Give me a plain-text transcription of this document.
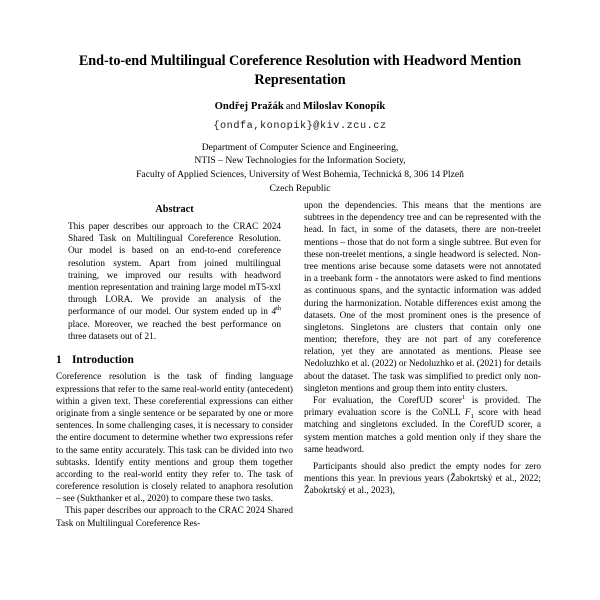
End-to-end Multilingual Coreference Resolution with Headword Mention Representation
Ondřej Pražák and Miloslav Konopík
{ondfa,konopik}@kiv.zcu.cz
Department of Computer Science and Engineering,
NTIS – New Technologies for the Information Society,
Faculty of Applied Sciences, University of West Bohemia, Technická 8, 306 14 Plzeň
Czech Republic
Abstract

This paper describes our approach to the CRAC 2024 Shared Task on Multilingual Coreference Resolution. Our model is based on an end-to-end coreference resolution system. Apart from joined multilingual training, we improved our results with headword mention representation and training large model mT5-xxl through LORA. We provide an analysis of the performance of our model. Our system ended up in 4th place. Moreover, we reached the best performance on three datasets out of 21.

1 Introduction

Coreference resolution is the task of finding language expressions that refer to the same real-world entity (antecedent) within a given text. These coreferential expressions can either originate from a single sentence or be separated by one or more sentences. In some challenging cases, it is necessary to consider the entire document to determine whether two expressions refer to the same entity accurately. This task can be divided into two subtasks. Identify entity mentions and group them together according to the real-world entity they refer to. The task of coreference resolution is closely related to anaphora resolution – see (Sukthanker et al., 2020) to compare these two tasks.

This paper describes our approach to the CRAC 2024 Shared Task on Multilingual Coreference Res-

upon the dependencies. This means that the mentions are subtrees in the dependency tree and can be represented with the head. In fact, in some of the datasets, there are non-treelet mentions – those that do not form a single subtree. But even for these non-treelet mentions, a single headword is selected. Non-tree mentions arise because some datasets were not annotated in a treebank form - the annotators were asked to find mentions as continuous spans, and the syntactic information was added during the harmonization. Notable differences exist among the datasets. One of the most prominent ones is the presence of singletons. Singletons are clusters that contain only one mention; therefore, they are not part of any coreference relation, yet they are annotated as mentions. Please see Nedoluzhko et al. (2022) or Nedoluzhko et al. (2021) for details about the dataset. The task was simplified to predict only non-singleton mentions and group them into entity clusters.

For evaluation, the CorefUD scorer$^1$ is provided. The primary evaluation score is the CoNLL $F_1$ score with head matching and singletons excluded. In the CorefUD scorer, a system mention matches a gold mention only if they share the same headword.

Participants should also predict the empty nodes for zero mentions this year. In previous years (Žabokrtský et al., 2022; Žabokrtský et al., 2023),
